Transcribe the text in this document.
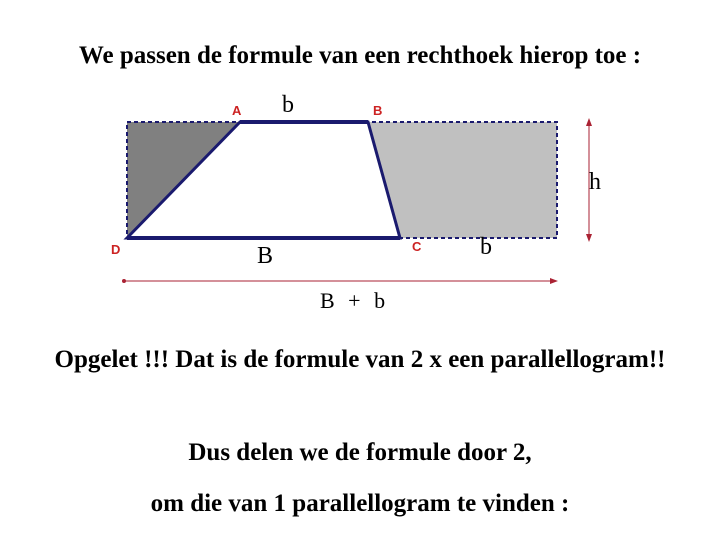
We passen de formule van een rechthoek hierop toe :
A	B
C
D
b
h
B	b
B + b
Opgelet !!! Dat is de formule van 2 x een parallellogram!!
Dus delen we de formule door 2,
om die van 1 parallellogram te vinden :
